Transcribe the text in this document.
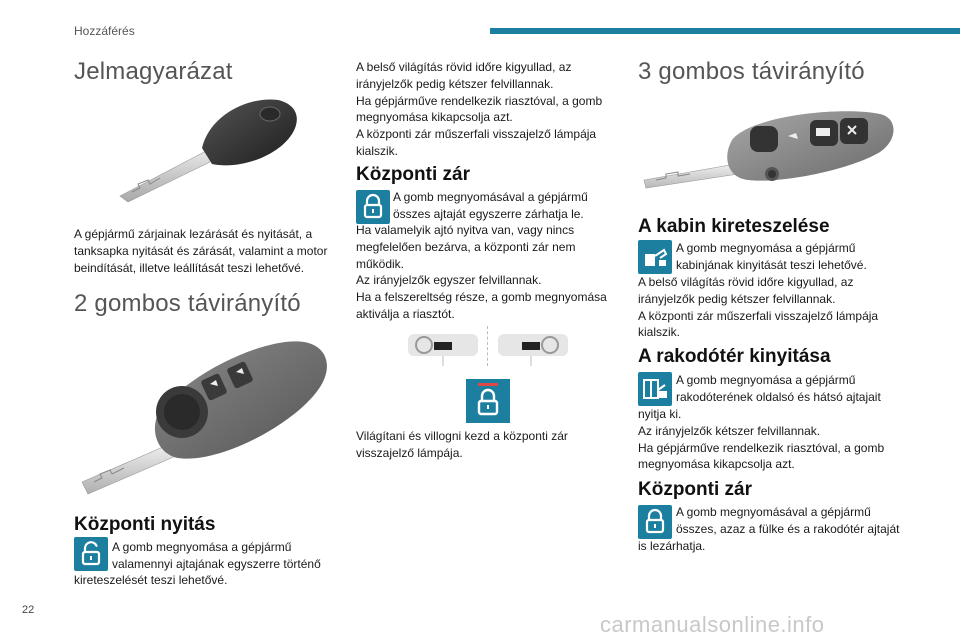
Hozzáférés
Jelmagyarázat
A gépjármű zárjainak lezárását és nyitását, a
tanksapka nyitását és zárását, valamint a motor
beindítását, illetve leállítását teszi lehetővé.
2 gombos távirányító
Központi nyitás
A gomb megnyomása a gépjármű
valamennyi ajtajának egyszerre történő
kireteszelését teszi lehetővé.
A belső világítás rövid időre kigyullad, az
irányjelzők pedig kétszer felvillannak.
Ha gépjárműve rendelkezik riasztóval, a gomb
megnyomása kikapcsolja azt.
A központi zár műszerfali visszajelző lámpája
kialszik.
Központi zár
A gomb megnyomásával a gépjármű
összes ajtaját egyszerre zárhatja le.
Ha valamelyik ajtó nyitva van, vagy nincs
megfelelően bezárva, a központi zár nem
működik.
Az irányjelzők egyszer felvillannak.
Ha a felszereltség része, a gomb megnyomása
aktiválja a riasztót.
Világítani és villogni kezd a központi zár
visszajelző lámpája.
3 gombos távirányító
A kabin kireteszelése
A gomb megnyomása a gépjármű
kabinjának kinyitását teszi lehetővé.
A belső világítás rövid időre kigyullad, az
irányjelzők pedig kétszer felvillannak.
A központi zár műszerfali visszajelző lámpája
kialszik.
A rakodótér kinyitása
A gomb megnyomása a gépjármű
rakodóterének oldalsó és hátsó ajtajait
nyitja ki.
Az irányjelzők kétszer felvillannak.
Ha gépjárműve rendelkezik riasztóval, a gomb
megnyomása kikapcsolja azt.
Központi zár
A gomb megnyomásával a gépjármű
összes, azaz a fülke és a rakodótér ajtaját
is lezárhatja.
22
carmanualsonline.info
